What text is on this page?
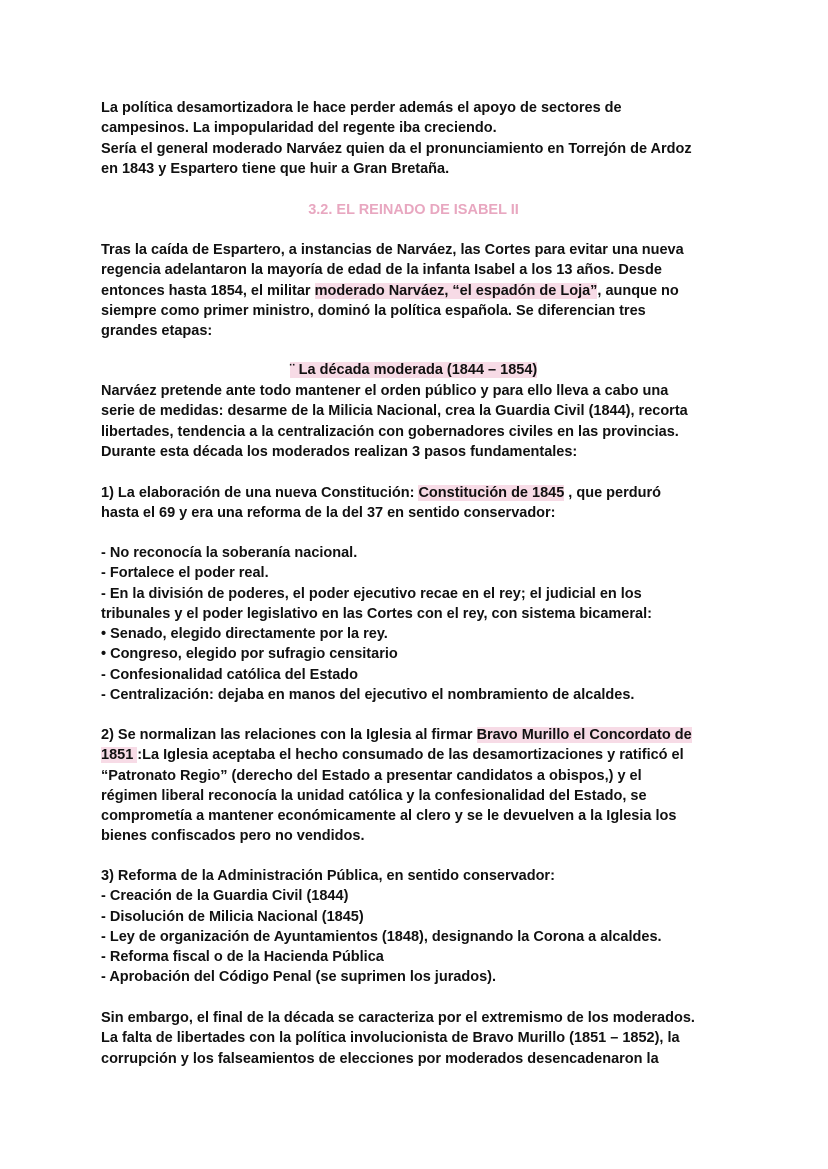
La política desamortizadora le hace perder además el apoyo de sectores de

campesinos. La impopularidad del regente iba creciendo.

Sería el general moderado Narváez quien da el pronunciamiento en Torrejón de Ardoz

en 1843 y Espartero tiene que huir a Gran Bretaña.

3.2. EL REINADO DE ISABEL II

Tras la caída de Espartero, a instancias de Narváez, las Cortes para evitar una nueva

regencia adelantaron la mayoría de edad de la infanta Isabel a los 13 años. Desde

entonces hasta 1854, el militar moderado Narváez, “el espadón de Loja”, aunque no

siempre como primer ministro, dominó la política española. Se diferencian tres

grandes etapas:

¨ La década moderada (1844 – 1854)

Narváez pretende ante todo mantener el orden público y para ello lleva a cabo una

serie de medidas: desarme de la Milicia Nacional, crea la Guardia Civil (1844), recorta

libertades, tendencia a la centralización con gobernadores civiles en las provincias.

Durante esta década los moderados realizan 3 pasos fundamentales:

1) La elaboración de una nueva Constitución: Constitución de 1845 , que perduró

hasta el 69 y era una reforma de la del 37 en sentido conservador:

- No reconocía la soberanía nacional.

- Fortalece el poder real.

- En la división de poderes, el poder ejecutivo recae en el rey; el judicial en los

tribunales y el poder legislativo en las Cortes con el rey, con sistema bicameral:

• Senado, elegido directamente por la rey.

• Congreso, elegido por sufragio censitario

- Confesionalidad católica del Estado

- Centralización: dejaba en manos del ejecutivo el nombramiento de alcaldes.

2) Se normalizan las relaciones con la Iglesia al firmar Bravo Murillo el Concordato de

1851 :La Iglesia aceptaba el hecho consumado de las desamortizaciones y ratificó el

“Patronato Regio” (derecho del Estado a presentar candidatos a obispos,) y el

régimen liberal reconocía la unidad católica y la confesionalidad del Estado, se

comprometía a mantener económicamente al clero y se le devuelven a la Iglesia los

bienes confiscados pero no vendidos.

3) Reforma de la Administración Pública, en sentido conservador:

- Creación de la Guardia Civil (1844)

- Disolución de Milicia Nacional (1845)

- Ley de organización de Ayuntamientos (1848), designando la Corona a alcaldes.

- Reforma fiscal o de la Hacienda Pública

- Aprobación del Código Penal (se suprimen los jurados).

Sin embargo, el final de la década se caracteriza por el extremismo de los moderados.

La falta de libertades con la política involucionista de Bravo Murillo (1851 – 1852), la

corrupción y los falseamientos de elecciones por moderados desencadenaron la
